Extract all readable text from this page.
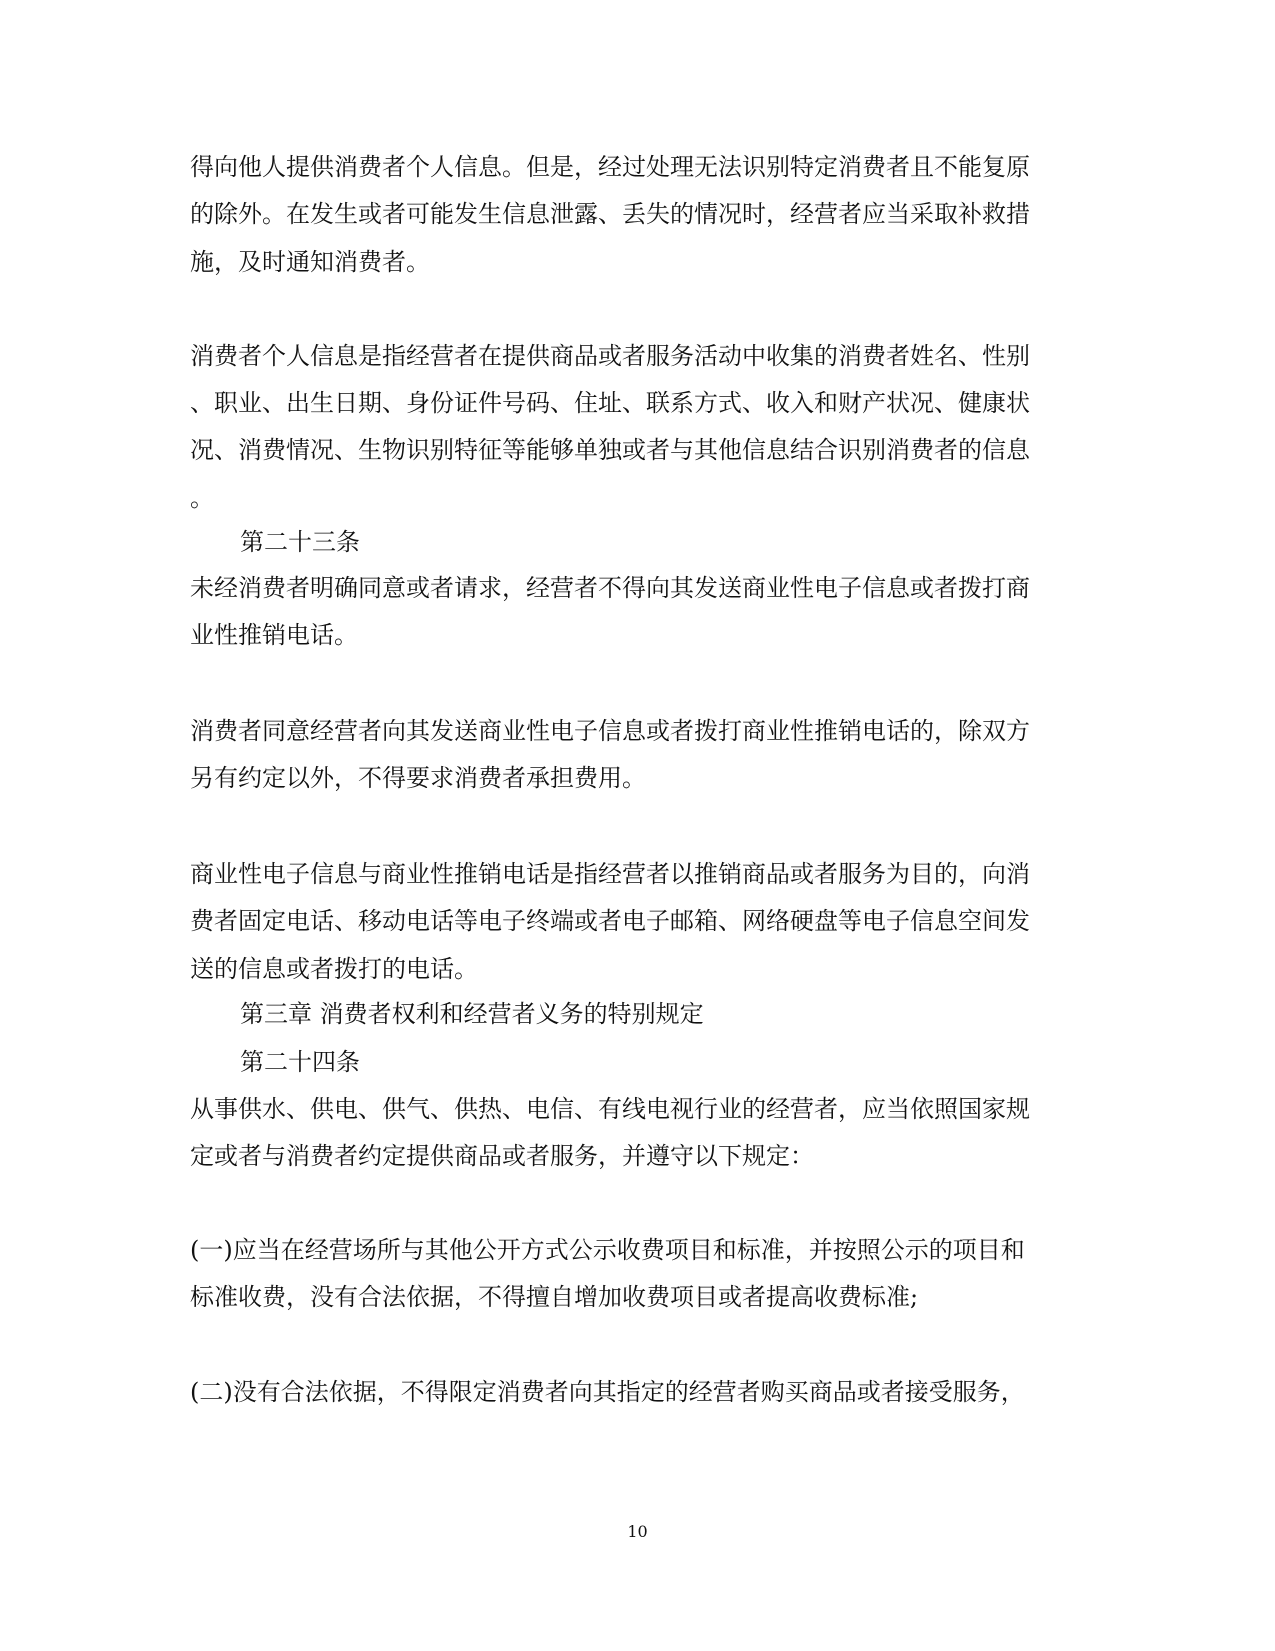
得向他人提供消费者个人信息。但是，经过处理无法识别特定消费者且不能复原
的除外。在发生或者可能发生信息泄露、丢失的情况时，经营者应当采取补救措
施，及时通知消费者。
消费者个人信息是指经营者在提供商品或者服务活动中收集的消费者姓名、性别
、职业、出生日期、身份证件号码、住址、联系方式、收入和财产状况、健康状
况、消费情况、生物识别特征等能够单独或者与其他信息结合识别消费者的信息
。
第二十三条
未经消费者明确同意或者请求，经营者不得向其发送商业性电子信息或者拨打商
业性推销电话。
消费者同意经营者向其发送商业性电子信息或者拨打商业性推销电话的，除双方
另有约定以外，不得要求消费者承担费用。
商业性电子信息与商业性推销电话是指经营者以推销商品或者服务为目的，向消
费者固定电话、移动电话等电子终端或者电子邮箱、网络硬盘等电子信息空间发
送的信息或者拨打的电话。
第三章 消费者权利和经营者义务的特别规定
第二十四条
从事供水、供电、供气、供热、电信、有线电视行业的经营者，应当依照国家规
定或者与消费者约定提供商品或者服务，并遵守以下规定：
(一)应当在经营场所与其他公开方式公示收费项目和标准，并按照公示的项目和
标准收费，没有合法依据，不得擅自增加收费项目或者提高收费标准;
(二)没有合法依据，不得限定消费者向其指定的经营者购买商品或者接受服务，
10
